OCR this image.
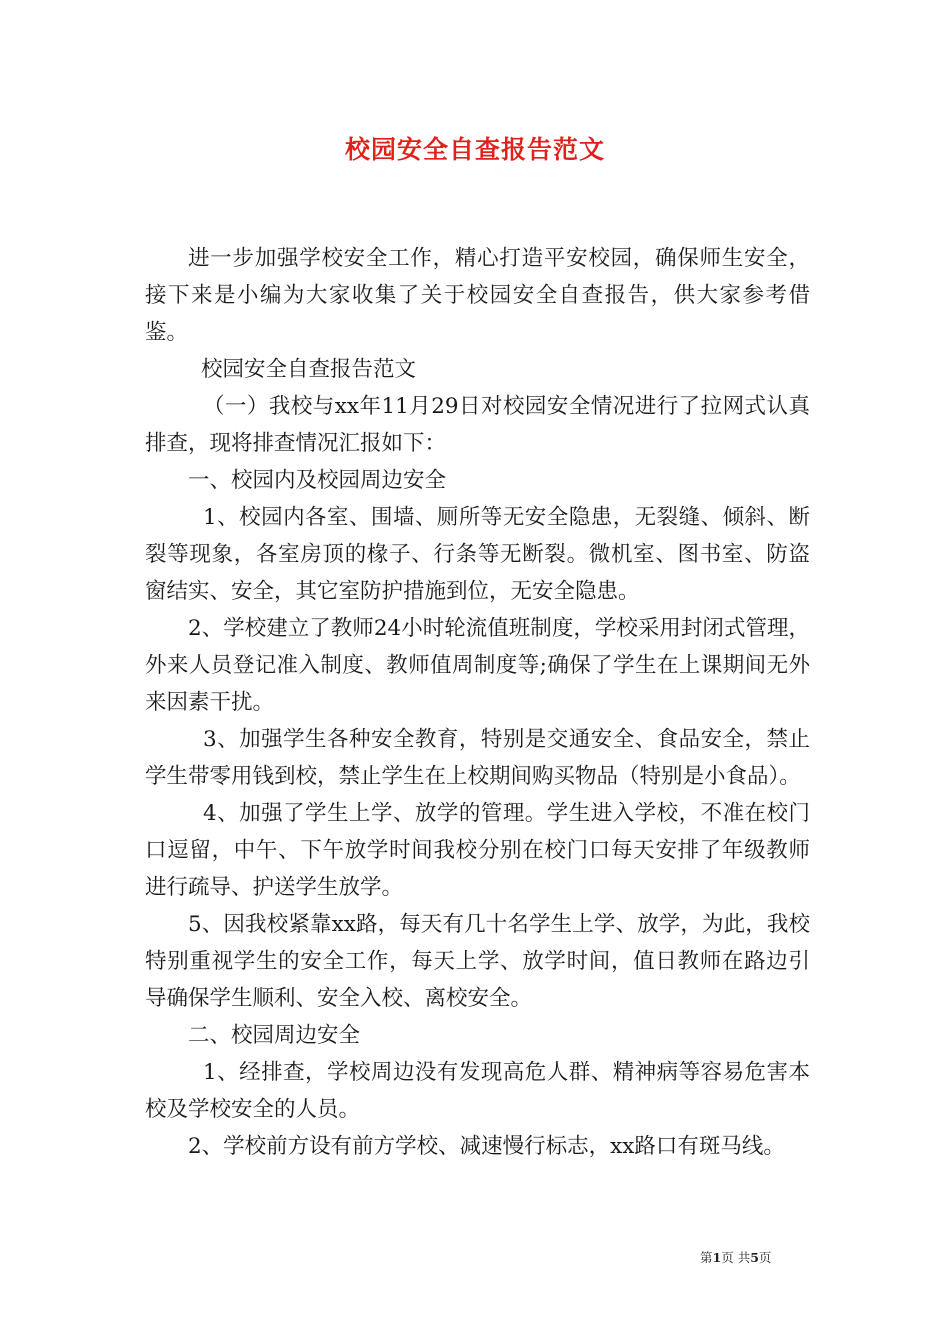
校园安全自查报告范文

进一步加强学校安全工作，精心打造平安校园，确保师生安全，接下来是小编为大家收集了关于校园安全自查报告，供大家参考借鉴。

校园安全自查报告范文

（一）我校与xx年11月29日对校园安全情况进行了拉网式认真排查，现将排查情况汇报如下：

一、校园内及校园周边安全

1、校园内各室、围墙、厕所等无安全隐患，无裂缝、倾斜、断裂等现象，各室房顶的椽子、行条等无断裂。微机室、图书室、防盗窗结实、安全，其它室防护措施到位，无安全隐患。

2、学校建立了教师24小时轮流值班制度，学校采用封闭式管理，外来人员登记准入制度、教师值周制度等;确保了学生在上课期间无外来因素干扰。

3、加强学生各种安全教育，特别是交通安全、食品安全，禁止学生带零用钱到校，禁止学生在上校期间购买物品（特别是小食品）。

4、加强了学生上学、放学的管理。学生进入学校，不准在校门口逗留，中午、下午放学时间我校分别在校门口每天安排了年级教师进行疏导、护送学生放学。

5、因我校紧靠xx路，每天有几十名学生上学、放学，为此，我校特别重视学生的安全工作，每天上学、放学时间，值日教师在路边引导确保学生顺利、安全入校、离校安全。

二、校园周边安全

1、经排查，学校周边没有发现高危人群、精神病等容易危害本校及学校安全的人员。

2、学校前方设有前方学校、减速慢行标志，xx路口有斑马线。

第1页 共5页
